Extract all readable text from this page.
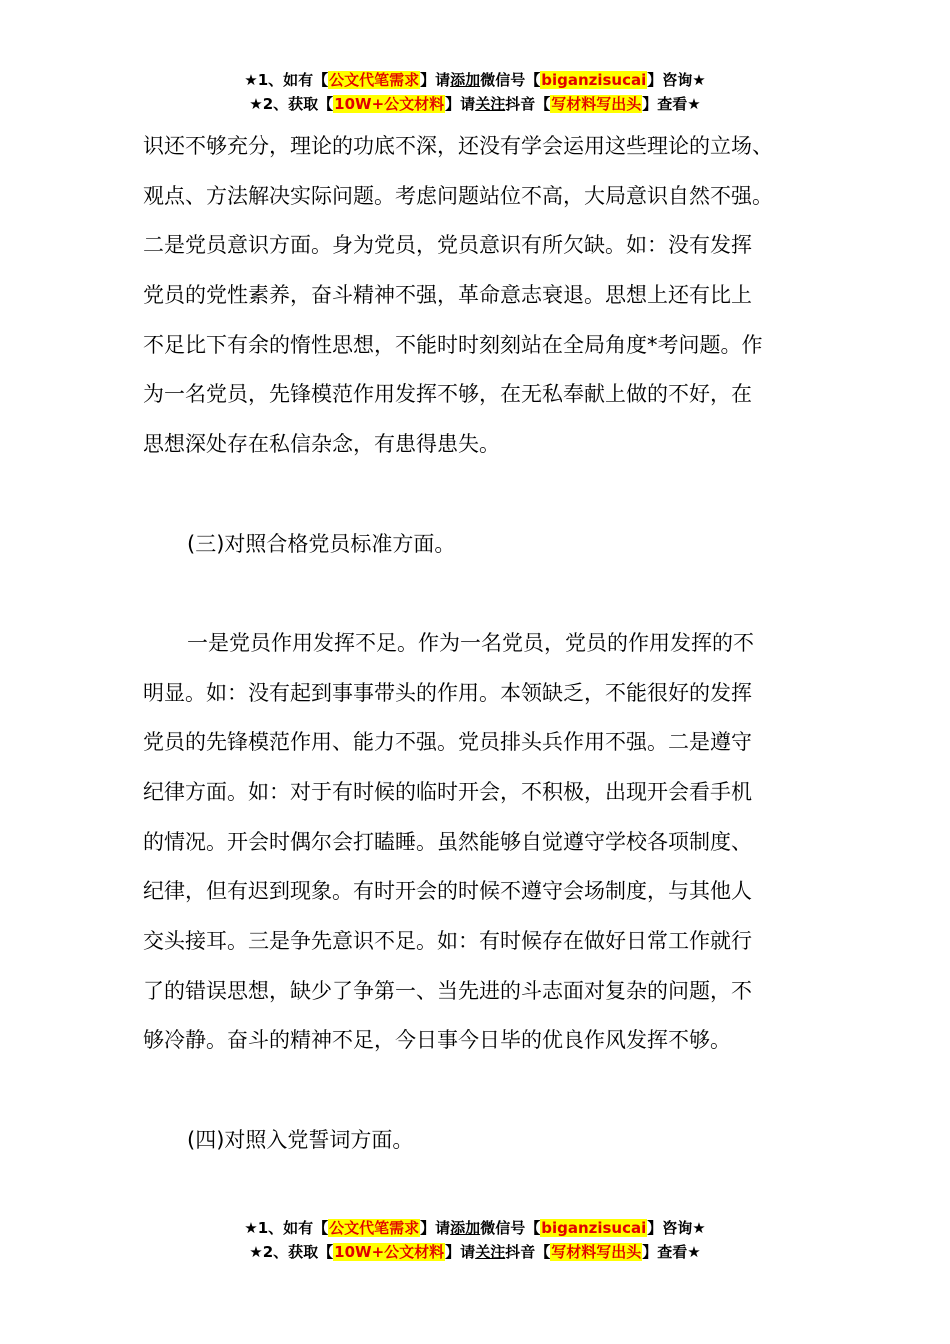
★1、如有【公文代笔需求】请添加微信号【biganzisucai】咨询★
★2、获取【10W+公文材料】请关注抖音【写材料写出头】查看★
识还不够充分，理论的功底不深，还没有学会运用这些理论的立场、
观点、方法解决实际问题。考虑问题站位不高，大局意识自然不强。
二是党员意识方面。身为党员，党员意识有所欠缺。如：没有发挥
党员的党性素养，奋斗精神不强，革命意志衰退。思想上还有比上
不足比下有余的惰性思想，不能时时刻刻站在全局角度*考问题。作
为一名党员，先锋模范作用发挥不够，在无私奉献上做的不好，在
思想深处存在私信杂念，有患得患失。
(三)对照合格党员标准方面。
一是党员作用发挥不足。作为一名党员，党员的作用发挥的不
明显。如：没有起到事事带头的作用。本领缺乏，不能很好的发挥
党员的先锋模范作用、能力不强。党员排头兵作用不强。二是遵守
纪律方面。如：对于有时候的临时开会，不积极，出现开会看手机
的情况。开会时偶尔会打瞌睡。虽然能够自觉遵守学校各项制度、
纪律，但有迟到现象。有时开会的时候不遵守会场制度，与其他人
交头接耳。三是争先意识不足。如：有时候存在做好日常工作就行
了的错误思想，缺少了争第一、当先进的斗志面对复杂的问题，不
够冷静。奋斗的精神不足，今日事今日毕的优良作风发挥不够。
(四)对照入党誓词方面。
★1、如有【公文代笔需求】请添加微信号【biganzisucai】咨询★
★2、获取【10W+公文材料】请关注抖音【写材料写出头】查看★
